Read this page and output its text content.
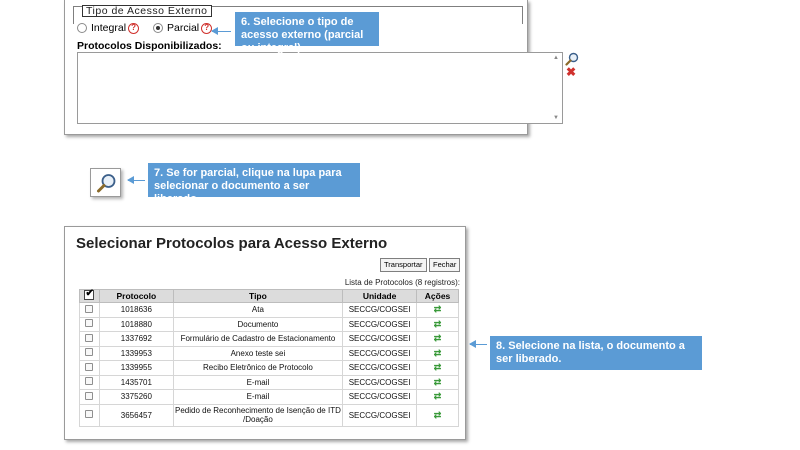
Tipo de Acesso Externo
Integral ?	Parcial ?
Protocolos Disponibilizados:
▲
▼
✖
6. Selecione o tipo de acesso externo (parcial ou integral)
7. Se for parcial, clique na lupa para selecionar o documento a ser liberado.
Selecionar Protocolos para Acesso Externo
Transportar	Fechar
Lista de Protocolos (8 registros):
✔	Protocolo	Tipo	Unidade	Ações
	1018636	Ata	SECCG/COGSEI	⇄
	1018880	Documento	SECCG/COGSEI	⇄
	1337692	Formulário de Cadastro de Estacionamento	SECCG/COGSEI	⇄
	1339953	Anexo teste sei	SECCG/COGSEI	⇄
	1339955	Recibo Eletrônico de Protocolo	SECCG/COGSEI	⇄
	1435701	E-mail	SECCG/COGSEI	⇄
	3375260	E-mail	SECCG/COGSEI	⇄
	3656457	Pedido de Reconhecimento de Isenção de ITD /Doação	SECCG/COGSEI	⇄
8. Selecione na lista, o documento a ser liberado.
